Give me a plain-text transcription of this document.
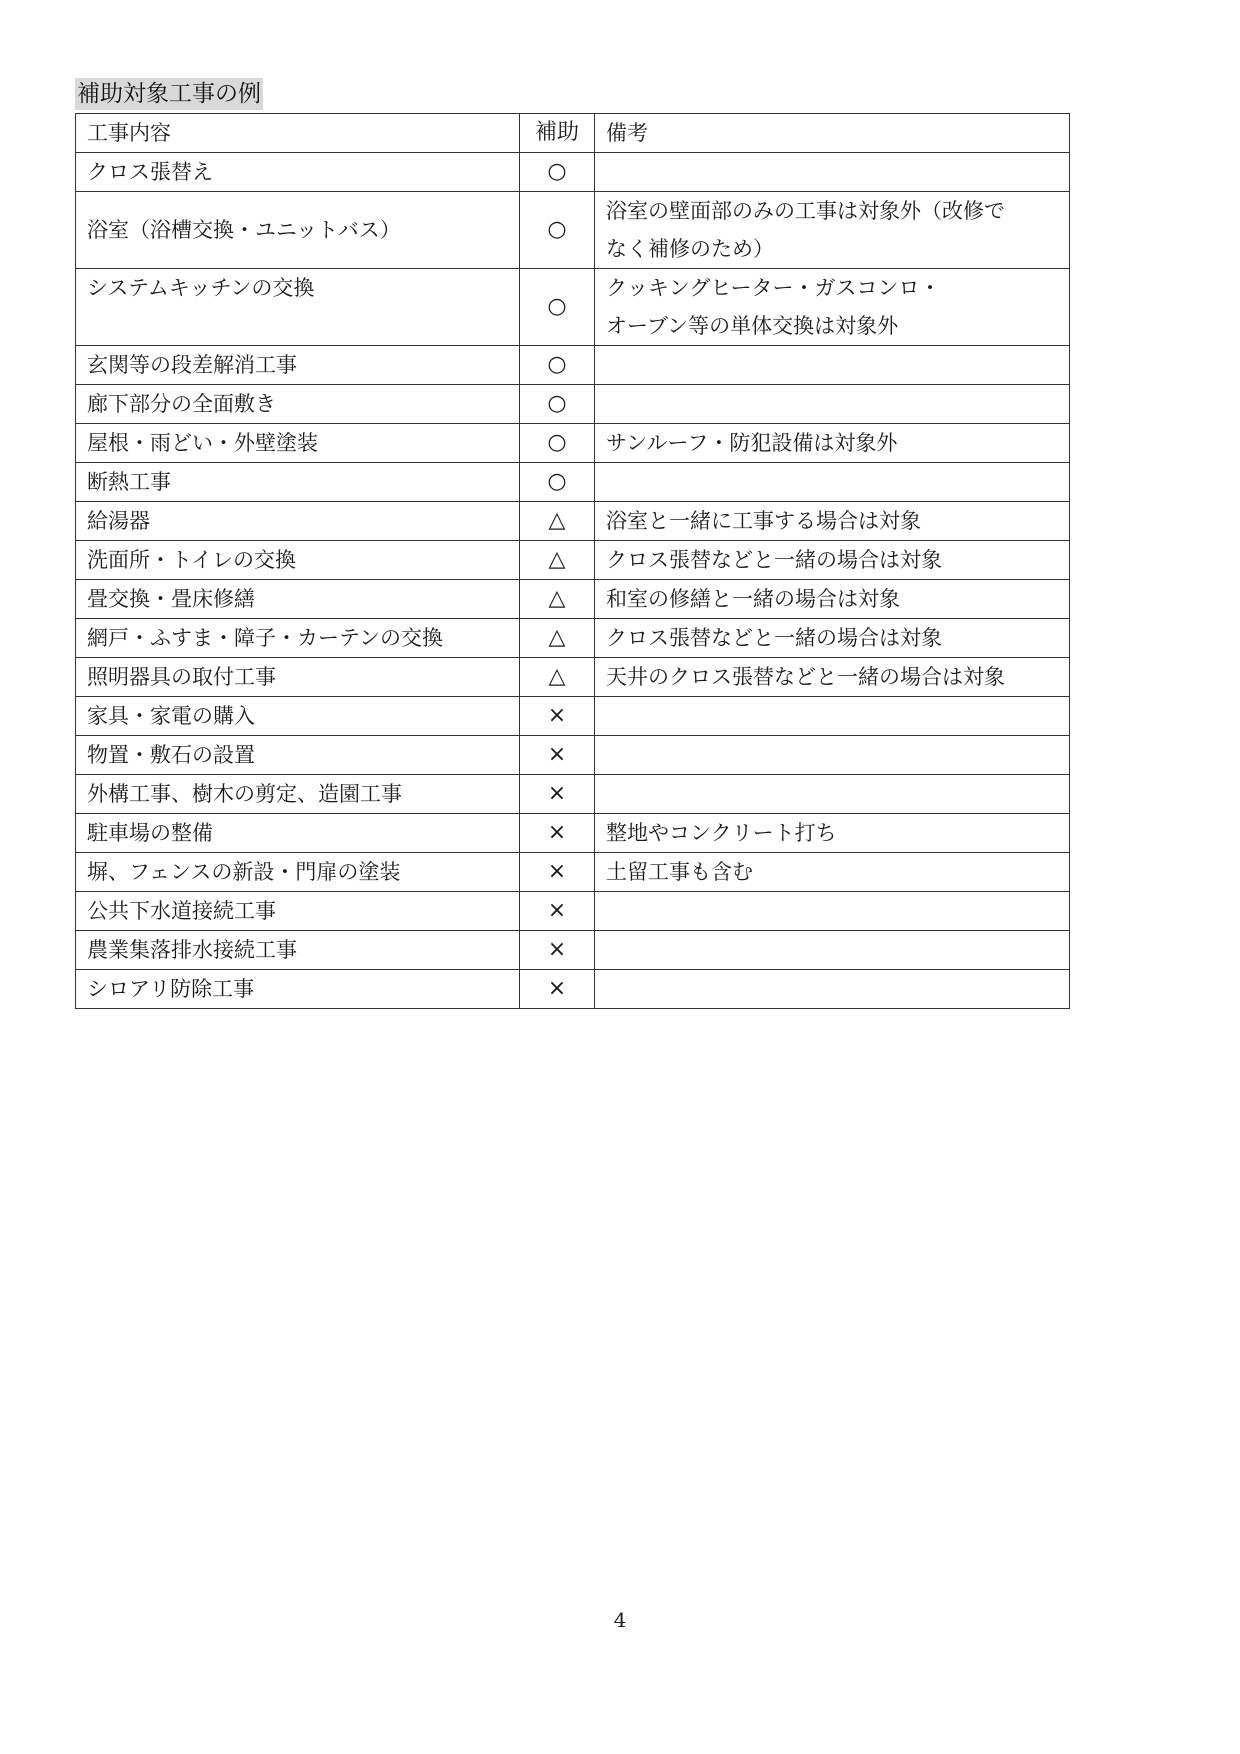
補助対象工事の例
工事内容	補助	備考
クロス張替え	○	
浴室（浴槽交換・ユニットバス）	○	浴室の壁面部のみの工事は対象外（改修で
なく補修のため）

システムキッチンの交換	○	クッキングヒーター・ガスコンロ・
オーブン等の単体交換は対象外

玄関等の段差解消工事	○	
廊下部分の全面敷き	○	
屋根・雨どい・外壁塗装	○	サンルーフ・防犯設備は対象外

断熱工事	○	
給湯器	△	浴室と一緒に工事する場合は対象

洗面所・トイレの交換	△	クロス張替などと一緒の場合は対象

畳交換・畳床修繕	△	和室の修繕と一緒の場合は対象

網戸・ふすま・障子・カーテンの交換	△	クロス張替などと一緒の場合は対象

照明器具の取付工事	△	天井のクロス張替などと一緒の場合は対象

家具・家電の購入	×	
物置・敷石の設置	×	
外構工事、樹木の剪定、造園工事	×	
駐車場の整備	×	整地やコンクリート打ち

塀、フェンスの新設・門扉の塗装	×	土留工事も含む

公共下水道接続工事	×	
農業集落排水接続工事	×	
シロアリ防除工事	×	
4
